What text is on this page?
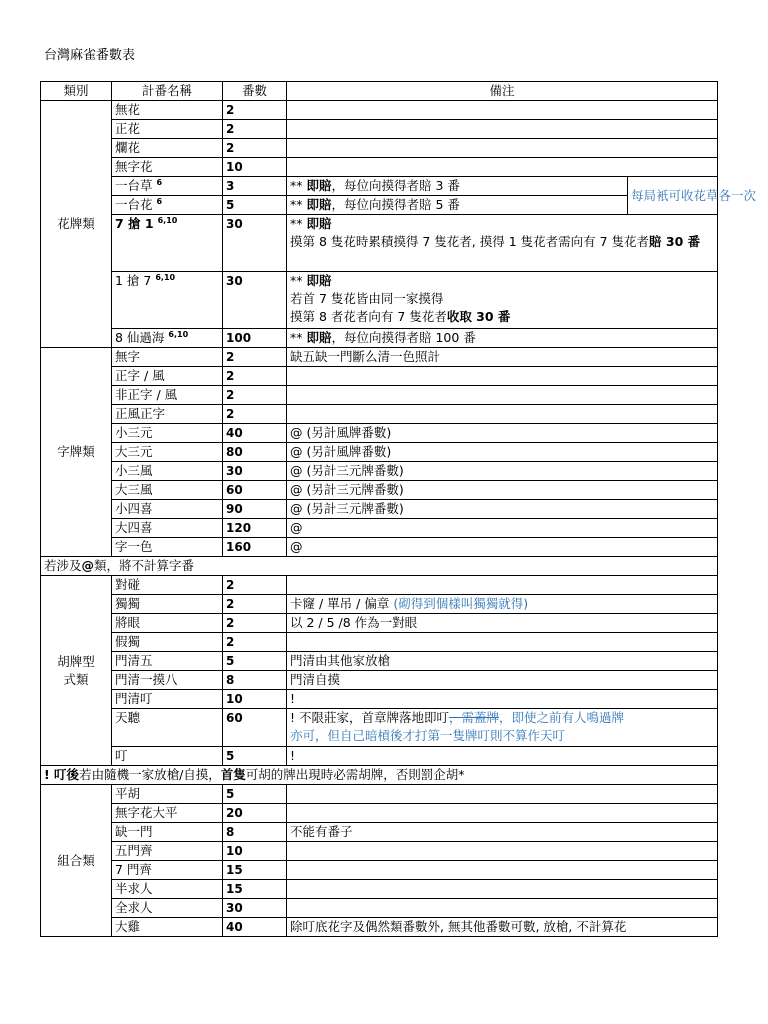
台灣麻雀番數表
類別	計番名稱	番數	備注	
花牌類	無花	2		
	正花	2		
	爛花	2		
	無字花	10		
	一台草 $^6$	3	** 即賠，每位向摸得者賠 3 番	每局衹可收花草各一次
	一台花 $^6$	5	** 即賠，每位向摸得者賠 5 番	
	7 搶 1 $^{6,10}$	30	** 即賠
摸第 8 隻花時累積摸得 7 隻花者, 摸得 1 隻花者需向有 7 隻花者賠 30 番	
	1 搶 7 $^{6,10}$	30	** 即賠
若首 7 隻花皆由同一家摸得
摸第 8 者花者向有 7 隻花者收取 30 番	
	8 仙過海 $^{6,10}$	100	** 即賠，每位向摸得者賠 100 番	
字牌類	無字	2	缺五缺一門斷么清一色照計	
	正字 / 風	2		
	非正字 / 風	2		
	正風正字	2		
	小三元	40	@ (另計風牌番數)	
	大三元	80	@ (另計風牌番數)	
	小三風	30	@ (另計三元牌番數)	
	大三風	60	@ (另計三元牌番數)	
	小四喜	90	@ (另計三元牌番數)	
	大四喜	120	@	
	字一色	160	@	
若涉及@類，將不計算字番				
胡牌型
式類	對碰	2		
	獨獨	2	卡窿 / 單吊 / 偏章 (砌得到個樣叫獨獨就得)	
	將眼	2	以 2 / 5 /8 作為一對眼	
	假獨	2		
	門清五	5	門清由其他家放槍	
	門清一摸八	8	門清自摸	
	門清叮	10	!	
	天聽	60	! 不限莊家，首章牌落地即叮，需蓋牌，即使之前有人鳴過牌
亦可，但自己暗槓後才打第一隻牌叮則不算作天叮	
	叮	5	!	
! 叮後若由隨機一家放槍/自摸，首隻可胡的牌出現時必需胡牌，否則罰企胡*				
組合類	平胡	5		
	無字花大平	20		
	缺一門	8	不能有番子	
	五門齊	10		
	7 門齊	15		
	半求人	15		
	全求人	30		
	大雞	40	除叮底花字及偶然類番數外, 無其他番數可數, 放槍, 不計算花	
